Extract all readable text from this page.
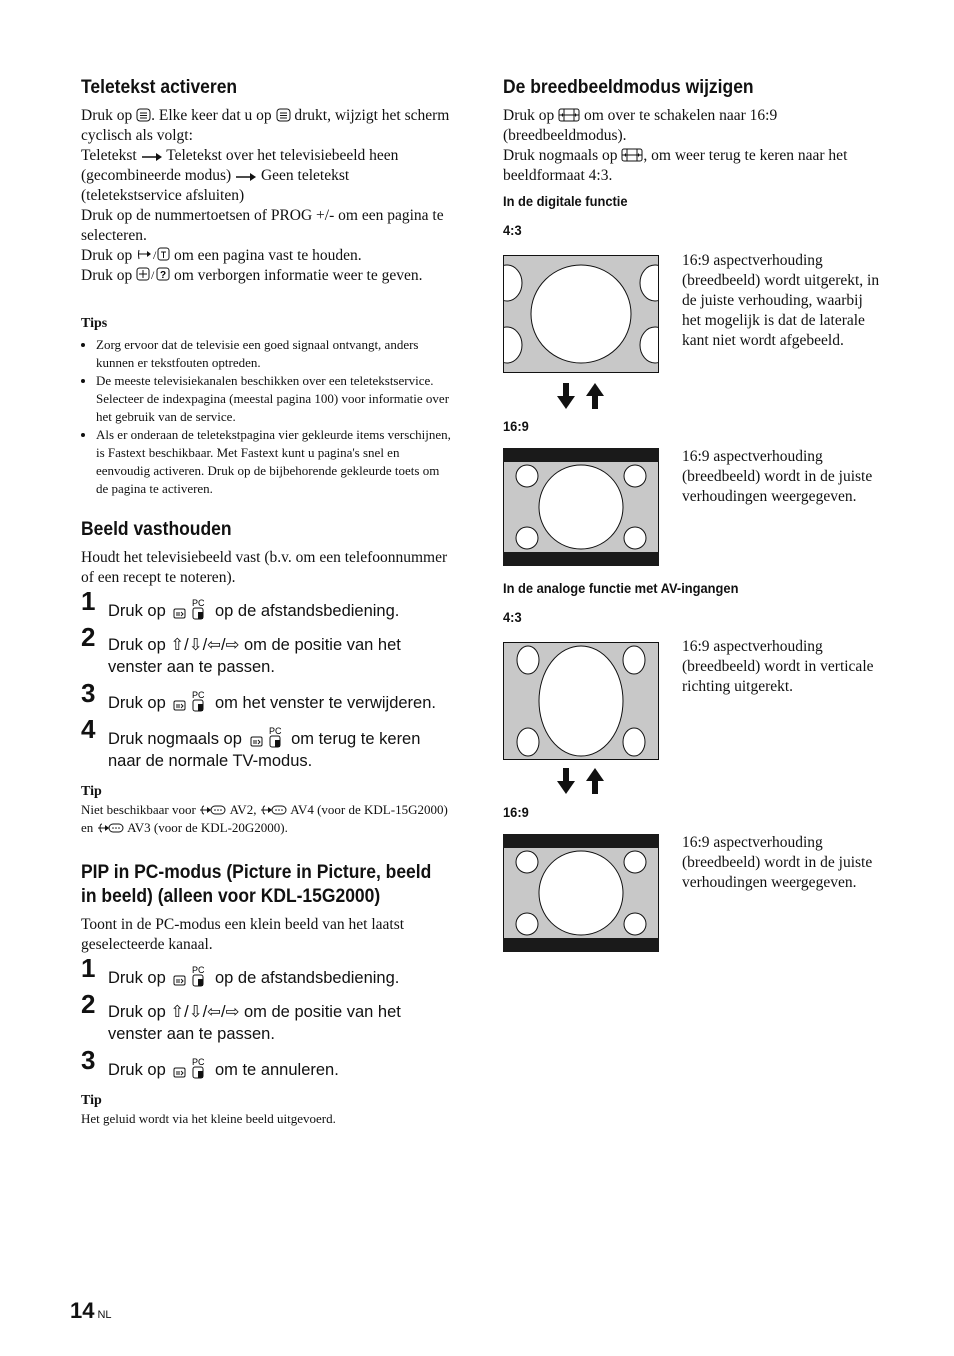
Teletekst activeren

Druk op . Elke keer dat u op drukt, wijzigt het scherm cyclisch als volgt:

Teletekst Teletekst over het televisiebeeld heen (gecombineerde modus) Geen teletekst (teletekstservice afsluiten)

Druk op de nummertoetsen of PROG +/- om een pagina te selecteren.

Druk op / om een pagina vast te houden.

Druk op / ? om verborgen informatie weer te geven.

Tips
• Zorg ervoor dat de televisie een goed signaal ontvangt, anders kunnen er tekstfouten optreden.
• De meeste televisiekanalen beschikken over een teletekstservice. Selecteer de indexpagina (meestal pagina 100) voor informatie over het gebruik van de service.
• Als er onderaan de teletekstpagina vier gekleurde items verschijnen, is Fastext beschikbaar. Met Fastext kunt u pagina's snel en eenvoudig activeren. Druk op de bijbehorende gekleurde toets om de pagina te activeren.
Beeld vasthouden

Houdt het televisiebeeld vast (b.v. om een telefoonnummer of een recept te noteren).

1 Druk op	PC op de afstandsbediening.
2 Druk op ⇧/⇩/⇦/⇨ om de positie van het venster aan te passen.
3 Druk op	PC om het venster te verwijderen.
4 Druk nogmaals op	PC om terug te keren naar de normale TV-modus.
Tip
Niet beschikbaar voor	AV2,	AV4 (voor de KDL-15G2000) en	AV3 (voor de KDL-20G2000).
PIP in PC-modus (Picture in Picture, beeld in beeld) (alleen voor KDL-15G2000)

Toont in de PC-modus een klein beeld van het laatst geselecteerde kanaal.

1 Druk op	PC op de afstandsbediening.
2 Druk op ⇧/⇩/⇦/⇨ om de positie van het venster aan te passen.
3 Druk op	PC om te annuleren.
Tip
Het geluid wordt via het kleine beeld uitgevoerd.
De breedbeeldmodus wijzigen

Druk op om over te schakelen naar 16:9 (breedbeeldmodus).

Druk nogmaals op , om weer terug te keren naar het beeldformaat 4:3.

In de digitale functie
4:3
16:9 aspectverhouding (breedbeeld) wordt uitgerekt, in de juiste verhouding, waarbij het mogelijk is dat de laterale kant niet wordt afgebeeld.
16:9
16:9 aspectverhouding (breedbeeld) wordt in de juiste verhoudingen weergegeven.
In de analoge functie met AV-ingangen
4:3
16:9 aspectverhouding (breedbeeld) wordt in verticale richting uitgerekt.
16:9
16:9 aspectverhouding (breedbeeld) wordt in de juiste verhoudingen weergegeven.
14 NL
